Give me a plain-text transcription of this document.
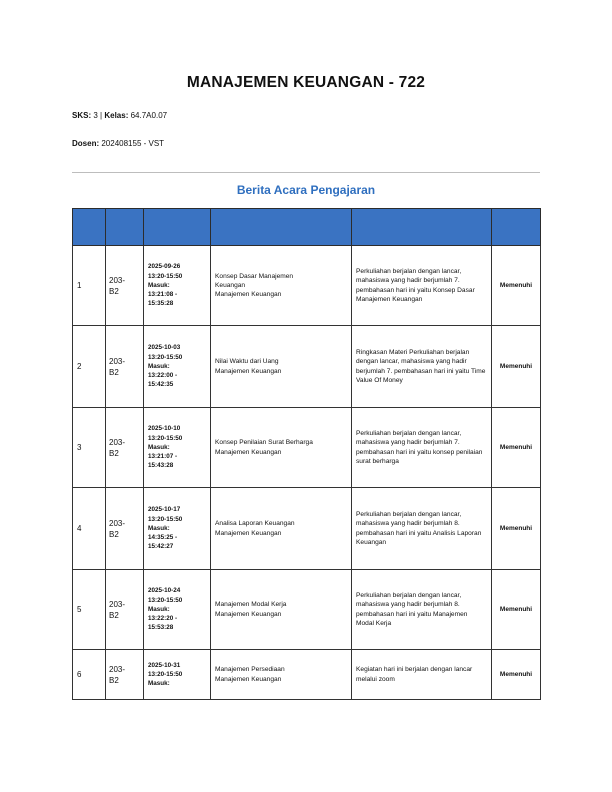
MANAJEMEN KEUANGAN - 722
SKS: 3 | Kelas: 64.7A0.07
Dosen: 202408155 - VST
Berita Acara Pengajaran

1	203-
B2	2025-09-26
13:20-15:50
Masuk:
13:21:08 -
15:35:28	Konsep Dasar Manajemen
Keuangan
Manajemen Keuangan	Perkuliahan berjalan dengan lancar, mahasiswa yang hadir berjumlah 7. pembahasan hari ini yaitu Konsep Dasar Manajemen Keuangan	Memenuhi
2	203-
B2	2025-10-03
13:20-15:50
Masuk:
13:22:00 -
15:42:35	Nilai Waktu dari Uang
Manajemen Keuangan	Ringkasan Materi Perkuliahan berjalan dengan lancar, mahasiswa yang hadir berjumlah 7. pembahasan hari ini yaitu Time Value Of Money	Memenuhi
3	203-
B2	2025-10-10
13:20-15:50
Masuk:
13:21:07 -
15:43:28	Konsep Penilaian Surat Berharga
Manajemen Keuangan	Perkuliahan berjalan dengan lancar, mahasiswa yang hadir berjumlah 7. pembahasan hari ini yaitu konsep penilaian surat berharga	Memenuhi
4	203-
B2	2025-10-17
13:20-15:50
Masuk:
14:35:25 -
15:42:27	Analisa Laporan Keuangan
Manajemen Keuangan	Perkuliahan berjalan dengan lancar, mahasiswa yang hadir berjumlah 8. pembahasan hari ini yaitu Analisis Laporan Keuangan	Memenuhi
5	203-
B2	2025-10-24
13:20-15:50
Masuk:
13:22:20 -
15:53:28	Manajemen Modal Kerja
Manajemen Keuangan	Perkuliahan berjalan dengan lancar, mahasiswa yang hadir berjumlah 8. pembahasan hari ini yaitu Manajemen Modal Kerja	Memenuhi
6	203-
B2	2025-10-31
13:20-15:50
Masuk:	Manajemen Persediaan
Manajemen Keuangan	Kegiatan hari ini berjalan dengan lancar melalui zoom	Memenuhi
